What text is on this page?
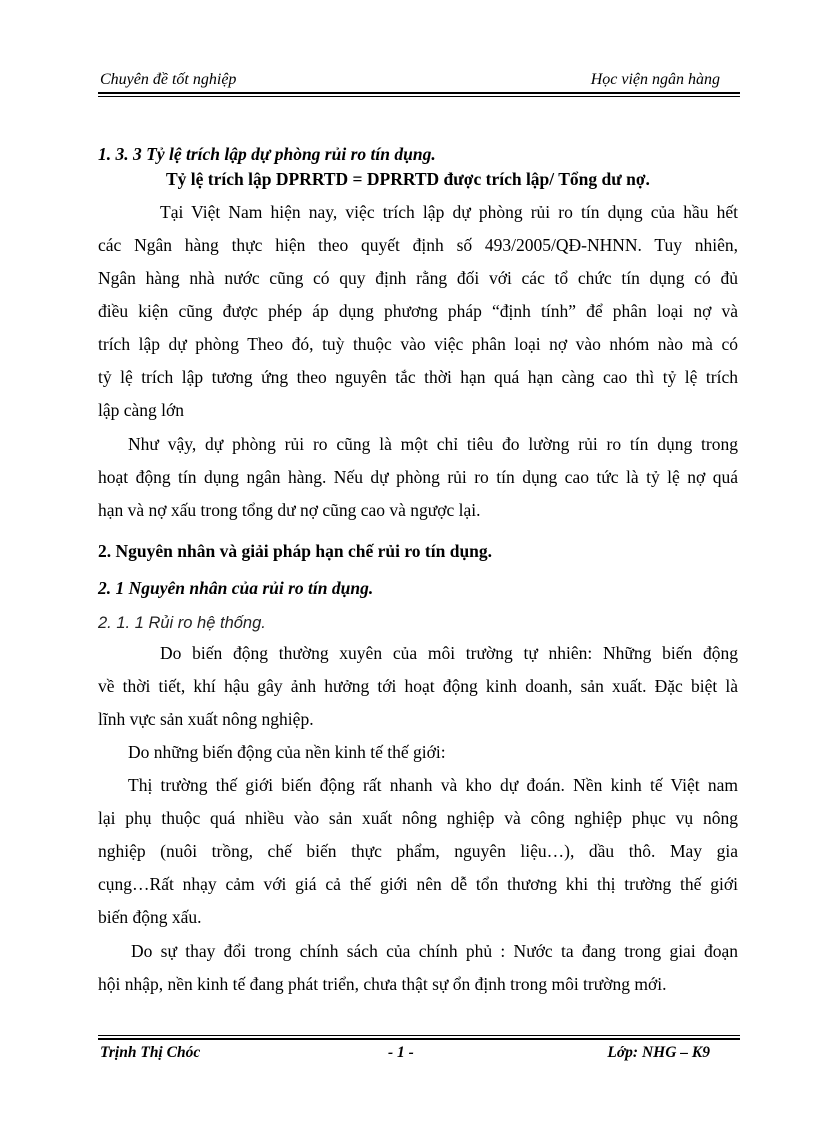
Chuyên đề tốt nghiệp	Học viện ngân hàng
1. 3. 3 Tỷ lệ trích lập dự phòng rủi ro tín dụng.
Tỷ lệ trích lập DPRRTD = DPRRTD được trích lập/ Tổng dư nợ.
Tại Việt Nam hiện nay, việc trích lập dự phòng rủi ro tín dụng của hầu hết
các Ngân hàng thực hiện theo quyết định số 493/2005/QĐ-NHNN. Tuy nhiên,
Ngân hàng nhà nước cũng có quy định rằng đối với các tổ chức tín dụng có đủ
điều kiện cũng được phép áp dụng phương pháp “định tính” để phân loại nợ và
trích lập dự phòng Theo đó, tuỳ thuộc vào việc phân loại nợ vào nhóm nào mà có
tỷ lệ trích lập tương ứng theo nguyên tắc thời hạn quá hạn càng cao thì tỷ lệ trích
lập càng lớn
Như vậy, dự phòng rủi ro cũng là một chỉ tiêu đo lường rủi ro tín dụng trong
hoạt động tín dụng ngân hàng. Nếu dự phòng rủi ro tín dụng cao tức là tỷ lệ nợ quá
hạn và nợ xấu trong tổng dư nợ cũng cao và ngược lại.
2. Nguyên nhân và giải pháp hạn chế rủi ro tín dụng.
2. 1 Nguyên nhân của rủi ro tín dụng.
2. 1. 1 Rủi ro hệ thống.
Do biến động thường xuyên của môi trường tự nhiên: Những biến động
về thời tiết, khí hậu gây ảnh hưởng tới hoạt động kinh doanh, sản xuất. Đặc biệt là
lĩnh vực sản xuất nông nghiệp.
Do những biến động của nền kinh tế thế giới:
Thị trường thế giới biến động rất nhanh và kho dự đoán. Nền kinh tế Việt nam
lại phụ thuộc quá nhiều vào sản xuất nông nghiệp và công nghiệp phục vụ nông
nghiệp (nuôi trồng, chế biến thực phẩm, nguyên liệu…), dầu thô. May gia
cụng…Rất nhạy cảm với giá cả thế giới nên dễ tổn thương khi thị trường thế giới
biến động xấu.
Do sự thay đổi trong chính sách của chính phủ : Nước ta đang trong giai đoạn
hội nhập, nền kinh tế đang phát triển, chưa thật sự ổn định trong môi trường mới.
Trịnh Thị Chóc	- 1 -	Lớp: NHG – K9
